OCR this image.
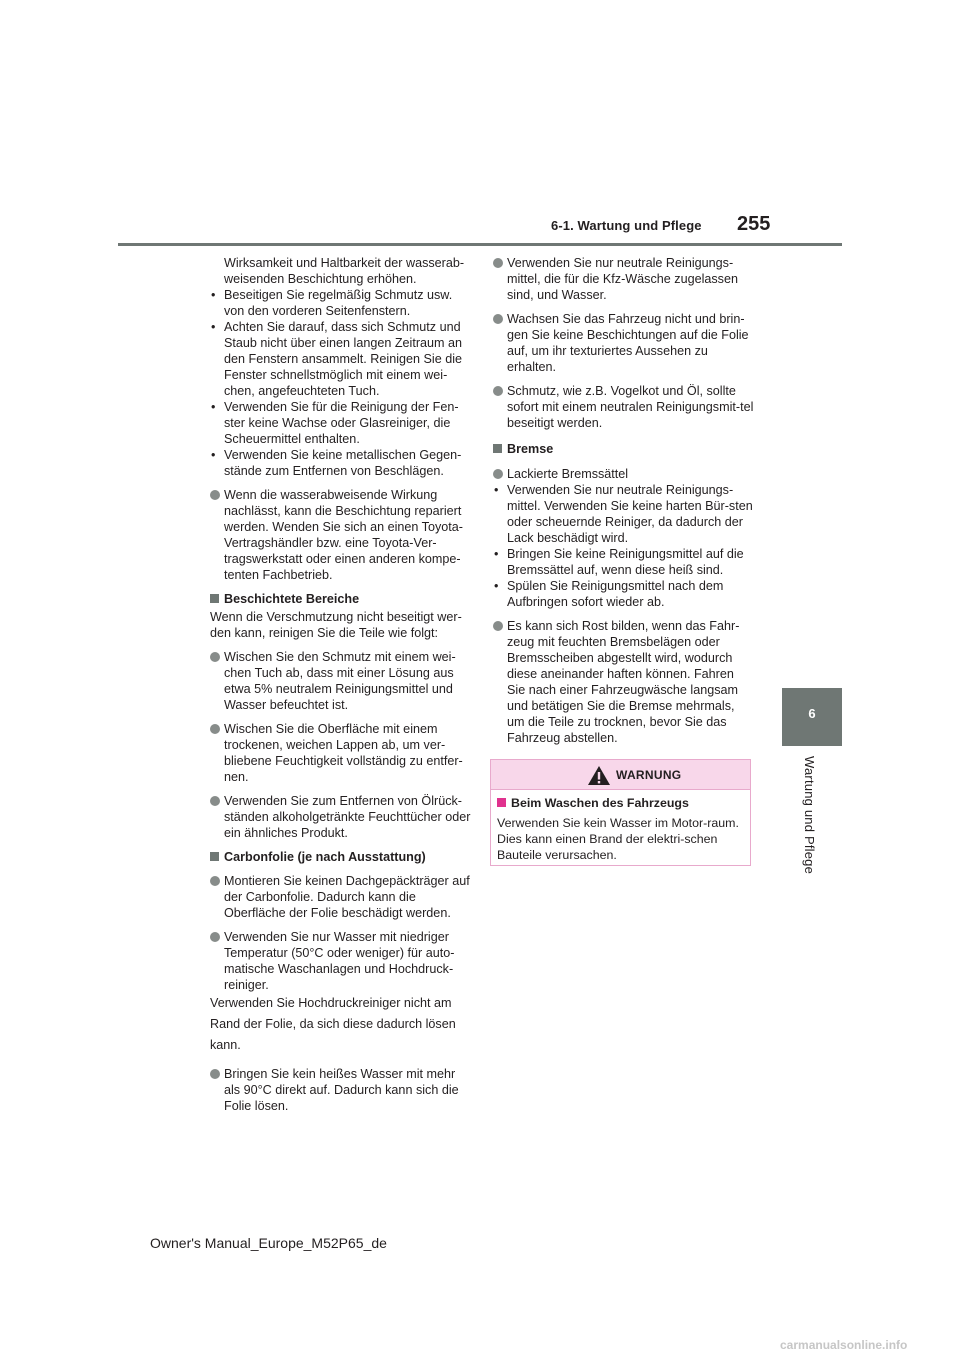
6-1. Wartung und Pflege 255
6
Wartung und Pflege
Wirksamkeit und Haltbarkeit der wasserab-weisenden Beschichtung erhöhen.
• Beseitigen Sie regelmäßig Schmutz usw. von den vorderen Seitenfenstern.
• Achten Sie darauf, dass sich Schmutz und Staub nicht über einen langen Zeitraum an den Fenstern ansammelt. Reinigen Sie die Fenster schnellstmöglich mit einem wei-chen, angefeuchteten Tuch.
• Verwenden Sie für die Reinigung der Fen-ster keine Wachse oder Glasreiniger, die Scheuermittel enthalten.
• Verwenden Sie keine metallischen Gegen-stände zum Entfernen von Beschlägen.
Wenn die wasserabweisende Wirkung nachlässt, kann die Beschichtung repariert werden. Wenden Sie sich an einen Toyota-Vertragshändler bzw. eine Toyota-Ver-tragswerkstatt oder einen anderen kompe-tenten Fachbetrieb.
Beschichtete Bereiche
Wenn die Verschmutzung nicht beseitigt wer-den kann, reinigen Sie die Teile wie folgt:
Wischen Sie den Schmutz mit einem wei-chen Tuch ab, dass mit einer Lösung aus etwa 5% neutralem Reinigungsmittel und Wasser befeuchtet ist.
Wischen Sie die Oberfläche mit einem trockenen, weichen Lappen ab, um ver-bliebene Feuchtigkeit vollständig zu entfer-nen.
Verwenden Sie zum Entfernen von Ölrück-ständen alkoholgetränkte Feuchttücher oder ein ähnliches Produkt.
Carbonfolie (je nach Ausstattung)
Montieren Sie keinen Dachgepäckträger auf der Carbonfolie. Dadurch kann die Oberfläche der Folie beschädigt werden.
Verwenden Sie nur Wasser mit niedriger Temperatur (50°C oder weniger) für auto-matische Waschanlagen und Hochdruck-reiniger.
Verwenden Sie Hochdruckreiniger nicht am
Rand der Folie, da sich diese dadurch lösen
kann.
Bringen Sie kein heißes Wasser mit mehr als 90°C direkt auf. Dadurch kann sich die Folie lösen.
Verwenden Sie nur neutrale Reinigungs-mittel, die für die Kfz-Wäsche zugelassen sind, und Wasser.
Wachsen Sie das Fahrzeug nicht und brin-gen Sie keine Beschichtungen auf die Folie auf, um ihr texturiertes Aussehen zu erhalten.
Schmutz, wie z.B. Vogelkot und Öl, sollte sofort mit einem neutralen Reinigungsmit-tel beseitigt werden.
Bremse
Lackierte Bremssättel
• Verwenden Sie nur neutrale Reinigungs-mittel. Verwenden Sie keine harten Bür-sten oder scheuernde Reiniger, da dadurch der Lack beschädigt wird.
• Bringen Sie keine Reinigungsmittel auf die Bremssättel auf, wenn diese heiß sind.
• Spülen Sie Reinigungsmittel nach dem Aufbringen sofort wieder ab.
Es kann sich Rost bilden, wenn das Fahr-zeug mit feuchten Bremsbelägen oder Bremsscheiben abgestellt wird, wodurch diese aneinander haften können. Fahren Sie nach einer Fahrzeugwäsche langsam und betätigen Sie die Bremse mehrmals, um die Teile zu trocknen, bevor Sie das Fahrzeug abstellen.
WARNUNG
Beim Waschen des Fahrzeugs
Verwenden Sie kein Wasser im Motor-raum. Dies kann einen Brand der elektri-schen Bauteile verursachen.
Owner's Manual_Europe_M52P65_de
carmanualsonline.info
